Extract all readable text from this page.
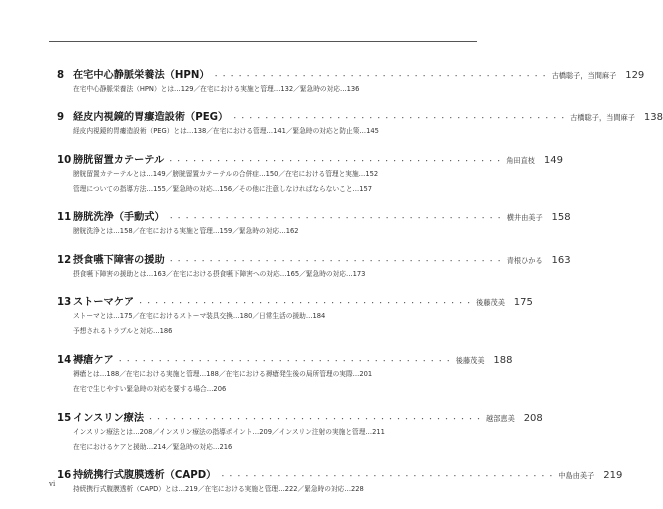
8 在宅中心静脈栄養法（HPN） ・・・・・・・・・・・・・・・・・・・・・・・・・・・・・・・・・・・・・・・・・・ 古橋聡子，当間麻子 129
在宅中心静脈栄養法（HPN）とは…129／在宅における実施と管理…132／緊急時の対応…136
9 経皮内視鏡的胃瘻造設術（PEG） ・・・・・・・・・・・・・・・・・・・・・・・・・・・・・・・・・・・・・・・・・・ 古橋聡子，当間麻子 138
経皮内視鏡的胃瘻造設術（PEG）とは…138／在宅における管理…141／緊急時の対応と防止策…145
10 膀胱留置カテーテル ・・・・・・・・・・・・・・・・・・・・・・・・・・・・・・・・・・・・・・・・・・ 角田直枝 149
膀胱留置カテーテルとは…149／膀胱留置カテーテルの合併症…150／在宅における管理と実施…152
管理についての指導方法…155／緊急時の対応…156／その他に注意しなければならないこと…157
11 膀胱洗浄（手動式） ・・・・・・・・・・・・・・・・・・・・・・・・・・・・・・・・・・・・・・・・・・ 横井由美子 158
膀胱洗浄とは…158／在宅における実施と管理…159／緊急時の対応…162
12 摂食嚥下障害の援助 ・・・・・・・・・・・・・・・・・・・・・・・・・・・・・・・・・・・・・・・・・・ 青根ひかる 163
摂食嚥下障害の援助とは…163／在宅における摂食嚥下障害への対応…165／緊急時の対応…173
13 ストーマケア ・・・・・・・・・・・・・・・・・・・・・・・・・・・・・・・・・・・・・・・・・・ 後藤茂美 175
ストーマとは…175／在宅におけるストーマ装具交換…180／日常生活の援助…184
予想されるトラブルと対応…186
14 褥瘡ケア ・・・・・・・・・・・・・・・・・・・・・・・・・・・・・・・・・・・・・・・・・・ 後藤茂美 188
褥瘡とは…188／在宅における実施と管理…188／在宅における褥瘡発生後の局所管理の実際…201
在宅で生じやすい緊急時の対応を要する場合…206
15 インスリン療法 ・・・・・・・・・・・・・・・・・・・・・・・・・・・・・・・・・・・・・・・・・・ 越部恵美 208
インスリン療法とは…208／インスリン療法の指導ポイント…209／インスリン注射の実施と管理…211
在宅におけるケアと援助…214／緊急時の対応…216
16 持続携行式腹膜透析（CAPD） ・・・・・・・・・・・・・・・・・・・・・・・・・・・・・・・・・・・・・・・・・・ 中島由美子 219
持続携行式腹膜透析（CAPD）とは…219／在宅における実施と管理…222／緊急時の対応…228
vi
